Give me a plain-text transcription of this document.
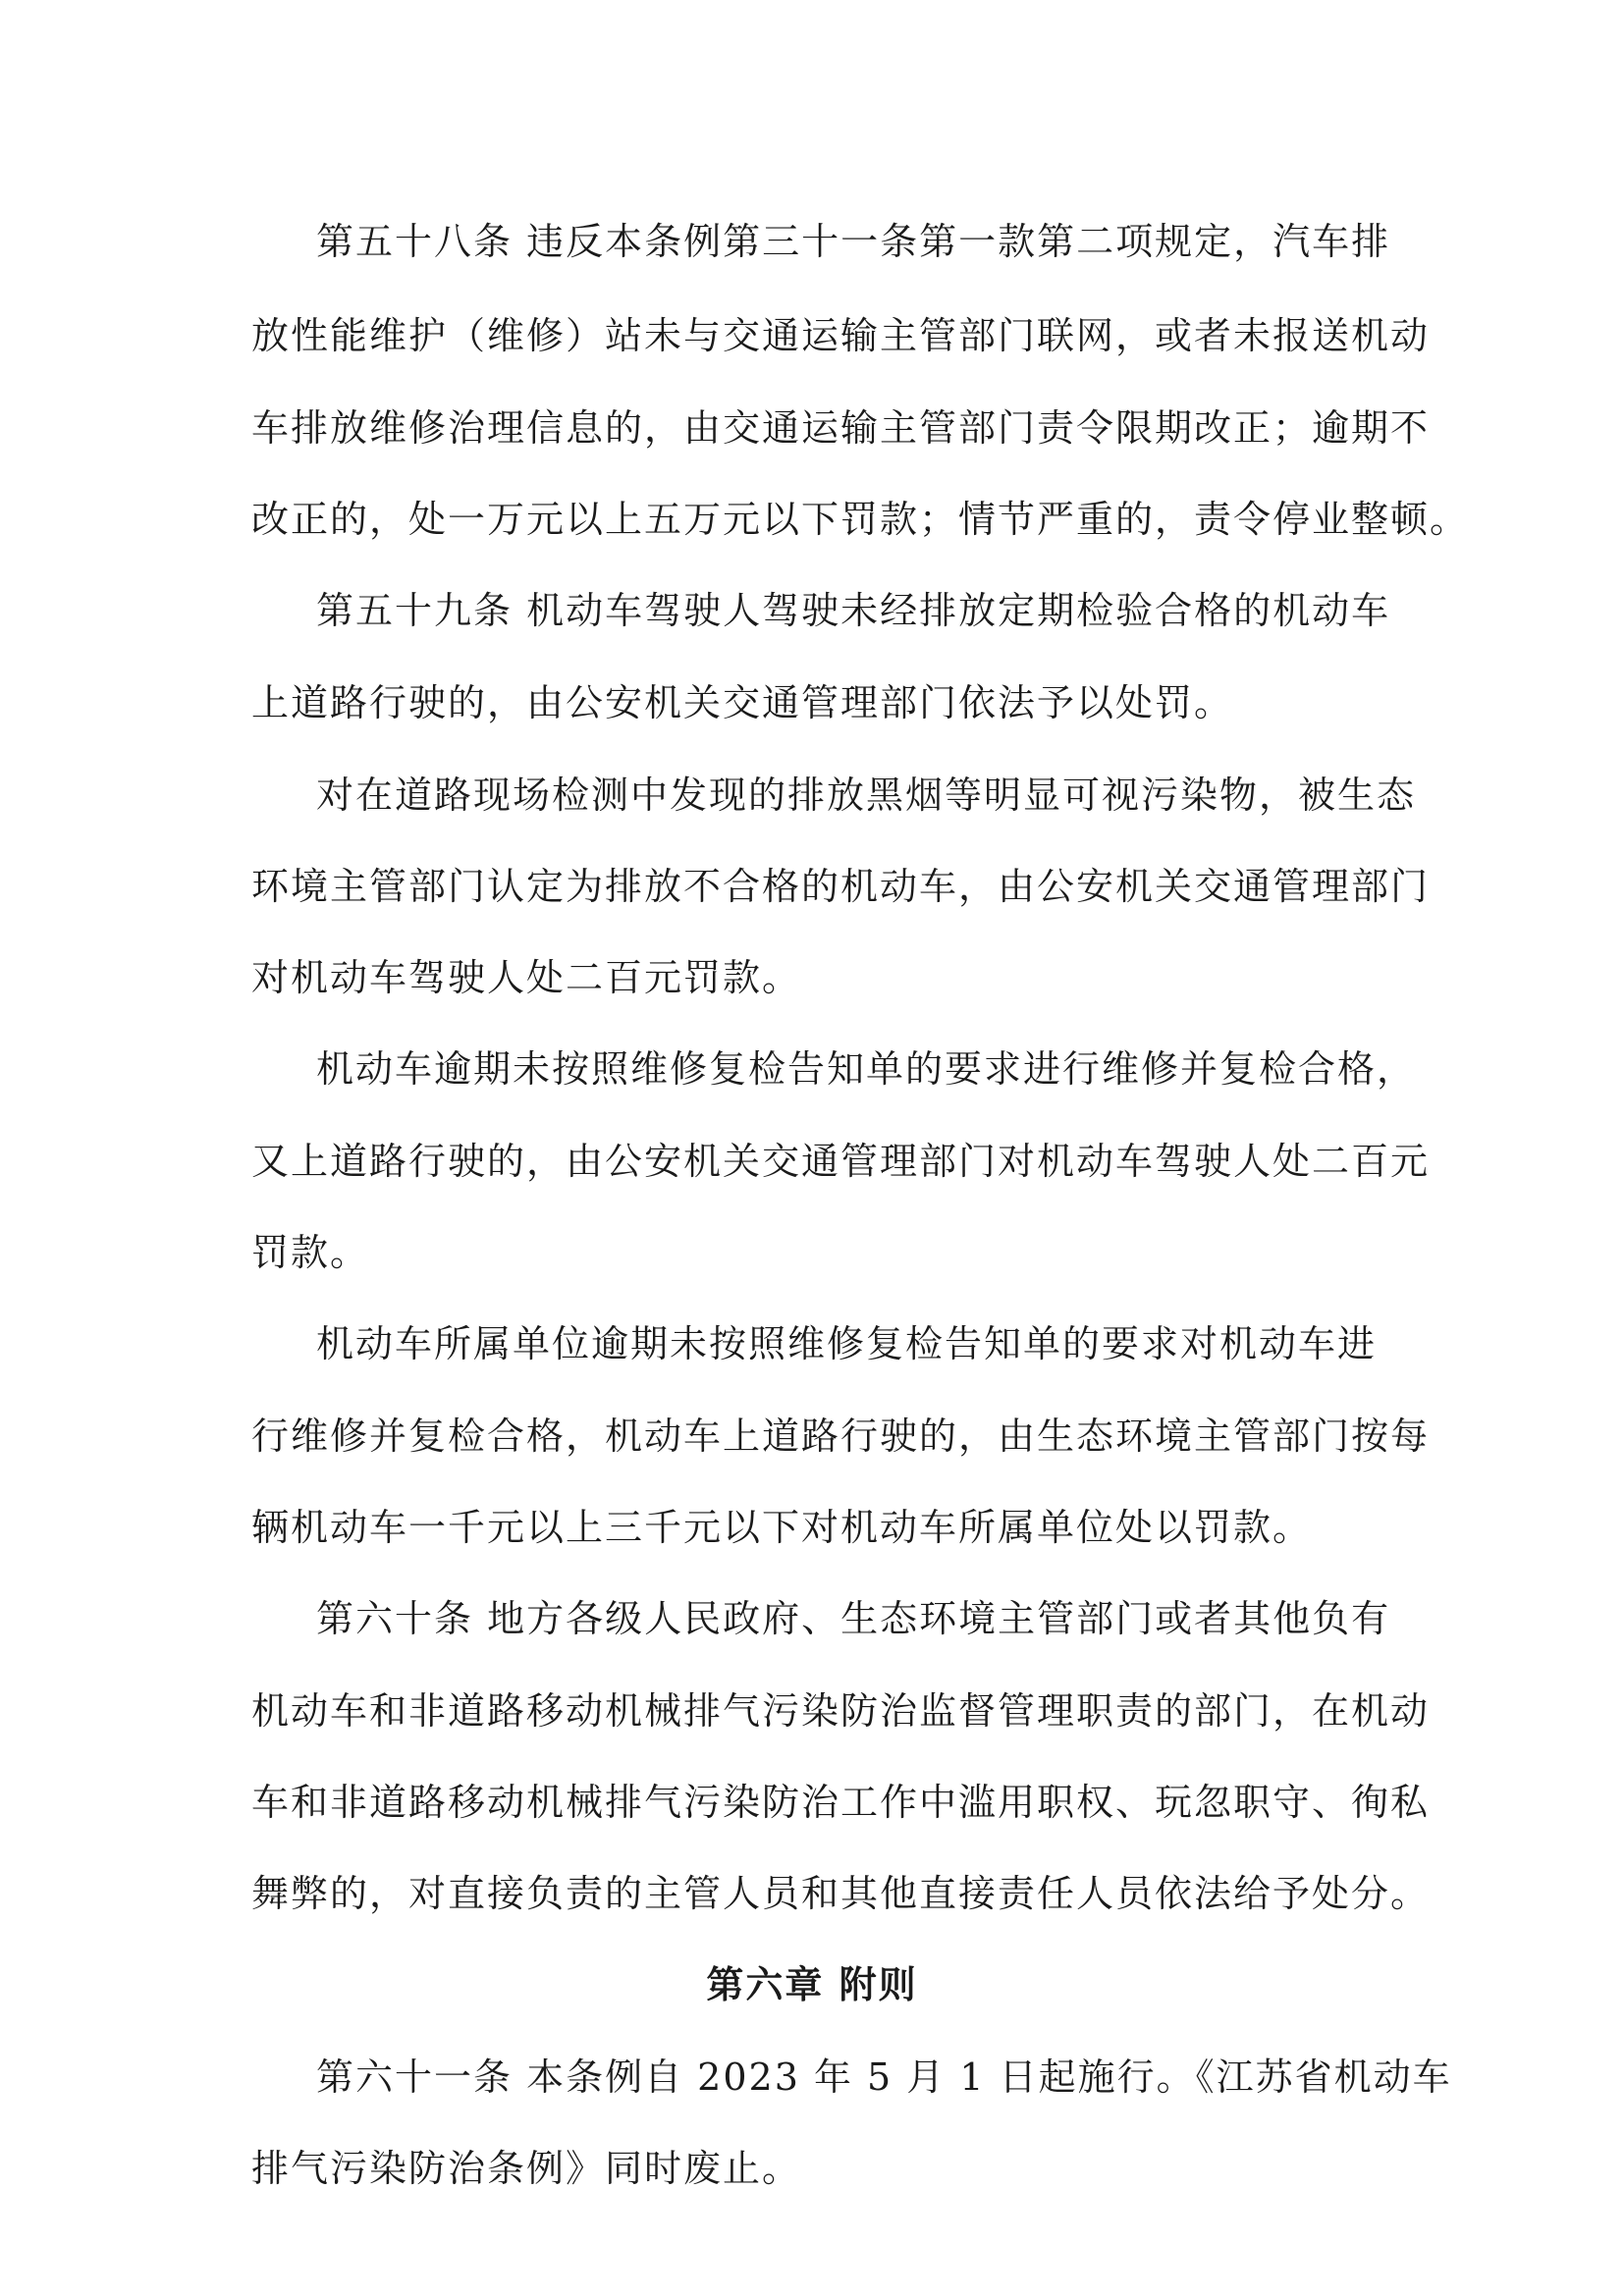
第五十八条 违反本条例第三十一条第一款第二项规定，汽车排
放性能维护（维修）站未与交通运输主管部门联网，或者未报送机动
车排放维修治理信息的，由交通运输主管部门责令限期改正；逾期不
改正的，处一万元以上五万元以下罚款；情节严重的，责令停业整顿。
第五十九条 机动车驾驶人驾驶未经排放定期检验合格的机动车
上道路行驶的，由公安机关交通管理部门依法予以处罚。
对在道路现场检测中发现的排放黑烟等明显可视污染物，被生态
环境主管部门认定为排放不合格的机动车，由公安机关交通管理部门
对机动车驾驶人处二百元罚款。
机动车逾期未按照维修复检告知单的要求进行维修并复检合格，
又上道路行驶的，由公安机关交通管理部门对机动车驾驶人处二百元
罚款。
机动车所属单位逾期未按照维修复检告知单的要求对机动车进
行维修并复检合格，机动车上道路行驶的，由生态环境主管部门按每
辆机动车一千元以上三千元以下对机动车所属单位处以罚款。
第六十条 地方各级人民政府、生态环境主管部门或者其他负有
机动车和非道路移动机械排气污染防治监督管理职责的部门，在机动
车和非道路移动机械排气污染防治工作中滥用职权、玩忽职守、徇私
舞弊的，对直接负责的主管人员和其他直接责任人员依法给予处分。
第六章 附则
第六十一条 本条例自 2023 年 5 月 1 日起施行。《江苏省机动车
排气污染防治条例》同时废止。
